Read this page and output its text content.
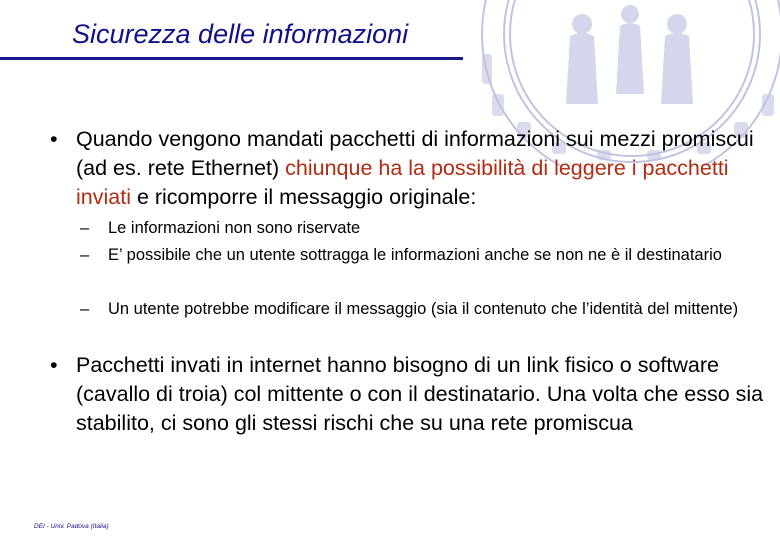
Sicurezza delle informazioni
• Quando vengono mandati pacchetti di informazioni sui mezzi promiscui (ad es. rete Ethernet) chiunque ha la possibilità di leggere i pacchetti inviati e ricomporre il messaggio originale:
– Le informazioni non sono riservate
– E’ possibile che un utente sottragga le informazioni anche se non ne è il destinatario
– Un utente potrebbe modificare il messaggio (sia il contenuto che l’identità del mittente)
• Pacchetti invati in internet hanno bisogno di un link fisico o software (cavallo di troia) col mittente o con il destinatario. Una volta che esso sia stabilito, ci sono gli stessi rischi che su una rete promiscua
DEI - Univ. Padova (Italia)
